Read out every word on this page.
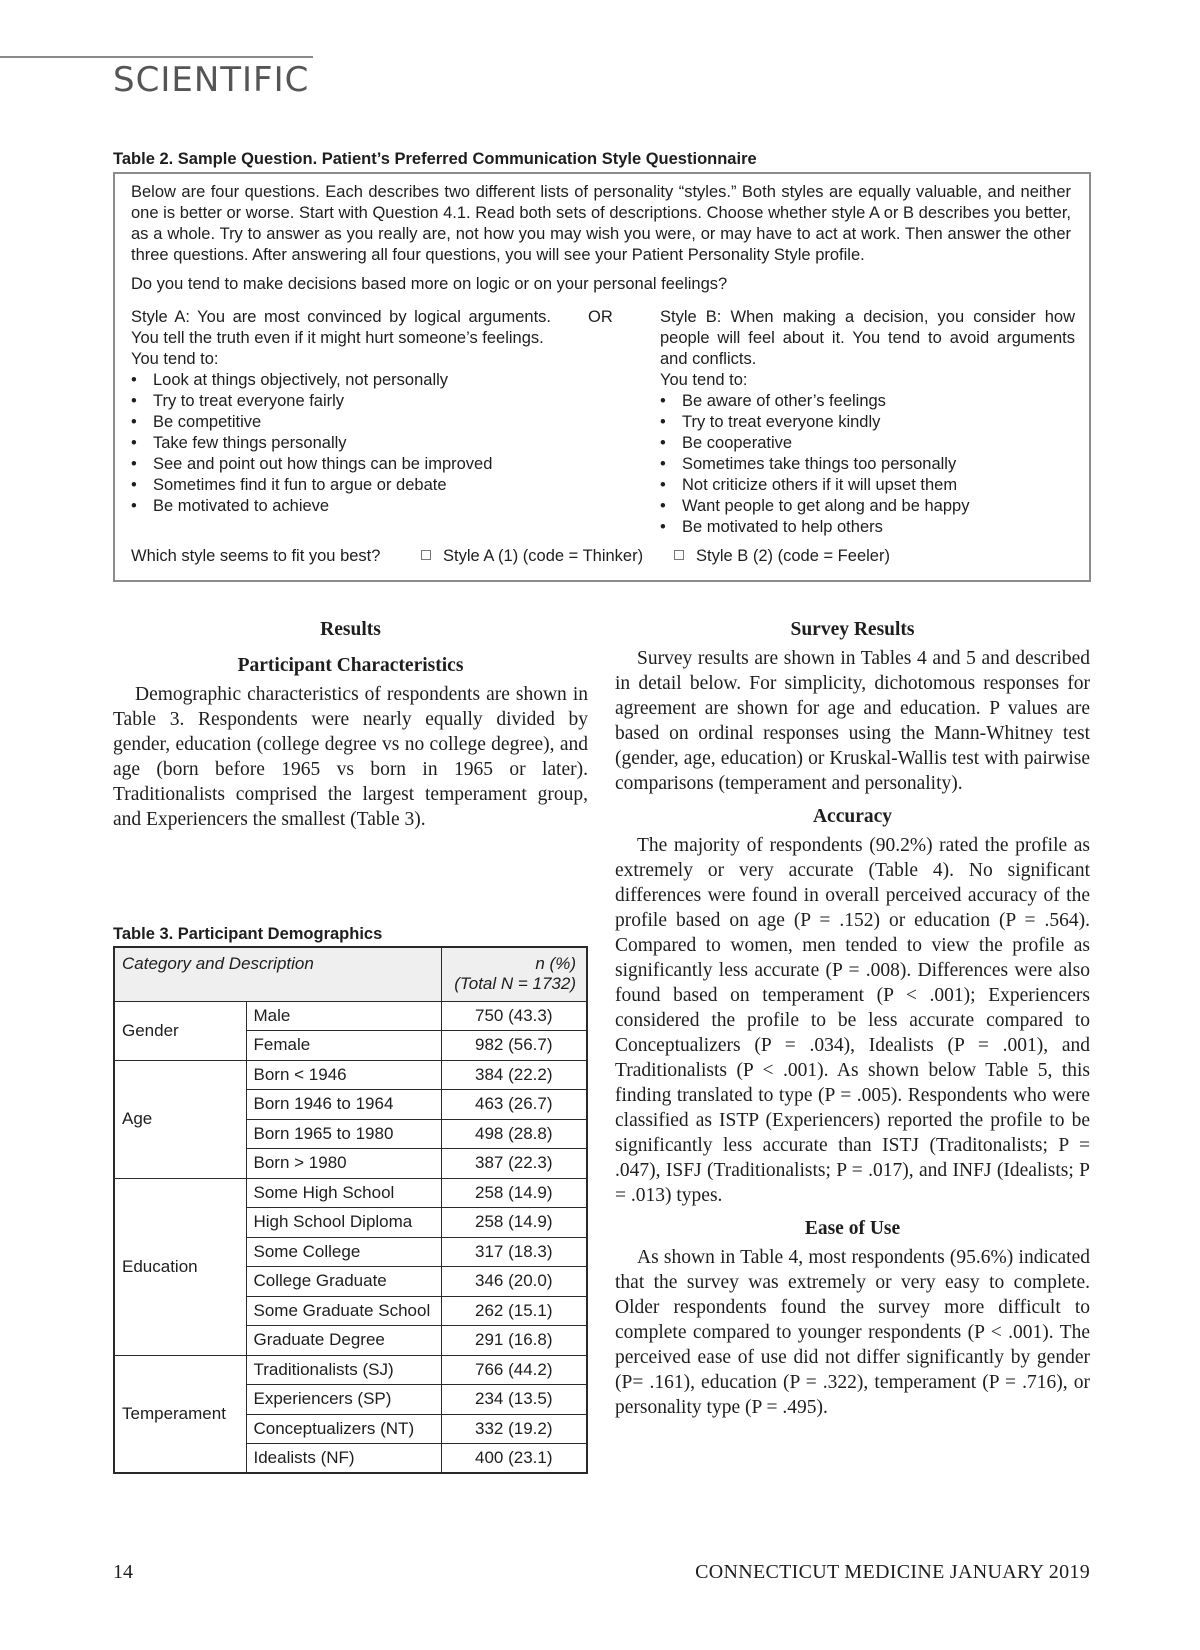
SCIENTIFIC
Table 2. Sample Question. Patient’s Preferred Communication Style Questionnaire
Below are four questions. Each describes two different lists of personality “styles.” Both styles are equally valuable, and neither one is better or worse. Start with Question 4.1. Read both sets of descriptions. Choose whether style A or B describes you better, as a whole. Try to answer as you really are, not how you may wish you were, or may have to act at work. Then answer the other three questions. After answering all four questions, you will see your Patient Personality Style profile.
Do you tend to make decisions based more on logic or on your personal feelings?
Style A: You are most convinced by logical arguments. You tell the truth even if it might hurt someone’s feelings.
You tend to:
• Look at things objectively, not personally
• Try to treat everyone fairly
• Be competitive
• Take few things personally
• See and point out how things can be improved
• Sometimes find it fun to argue or debate
• Be motivated to achieve
OR	Style B: When making a decision, you consider how people will feel about it. You tend to avoid arguments and conflicts.
You tend to:
• Be aware of other’s feelings
• Try to treat everyone kindly
• Be cooperative
• Sometimes take things too personally
• Not criticize others if it will upset them
• Want people to get along and be happy
• Be motivated to help others
Which style seems to fit you best?	Style A (1) (code = Thinker)	Style B (2) (code = Feeler)
Results
Participant Characteristics

Demographic characteristics of respondents are shown in Table 3. Respondents were nearly equally divided by gender, education (college degree vs no college degree), and age (born before 1965 vs born in 1965 or later). Traditionalists comprised the largest temperament group, and Experiencers the smallest (Table 3).

Table 3. Participant Demographics
Category and Description		n (%)
(Total N = 1732)
Gender	Male	750 (43.3)
	Female	982 (56.7)
Age	Born < 1946	384 (22.2)
	Born 1946 to 1964	463 (26.7)
	Born 1965 to 1980	498 (28.8)
	Born > 1980	387 (22.3)
Education	Some High School	258 (14.9)
	High School Diploma	258 (14.9)
	Some College	317 (18.3)
	College Graduate	346 (20.0)
	Some Graduate School	262 (15.1)
	Graduate Degree	291 (16.8)
Temperament	Traditionalists (SJ)	766 (44.2)
	Experiencers (SP)	234 (13.5)
	Conceptualizers (NT)	332 (19.2)
	Idealists (NF)	400 (23.1)
Survey Results

Survey results are shown in Tables 4 and 5 and described in detail below. For simplicity, dichotomous responses for agreement are shown for age and education. P values are based on ordinal responses using the Mann-Whitney test (gender, age, education) or Kruskal-Wallis test with pairwise comparisons (temperament and personality).

Accuracy

The majority of respondents (90.2%) rated the profile as extremely or very accurate (Table 4). No significant differences were found in overall perceived accuracy of the profile based on age (P = .152) or education (P = .564). Compared to women, men tended to view the profile as significantly less accurate (P = .008). Differences were also found based on temperament (P < .001); Experiencers considered the profile to be less accurate compared to Conceptualizers (P = .034), Idealists (P = .001), and Traditionalists (P < .001). As shown below Table 5, this finding translated to type (P = .005). Respondents who were classified as ISTP (Experiencers) reported the profile to be significantly less accurate than ISTJ (Traditonalists; P = .047), ISFJ (Traditionalists; P = .017), and INFJ (Idealists; P = .013) types.

Ease of Use

As shown in Table 4, most respondents (95.6%) indicated that the survey was extremely or very easy to complete. Older respondents found the survey more difficult to complete compared to younger respondents (P < .001). The perceived ease of use did not differ significantly by gender (P= .161), education (P = .322), temperament (P = .716), or personality type (P = .495).

14	CONNECTICUT MEDICINE JANUARY 2019
